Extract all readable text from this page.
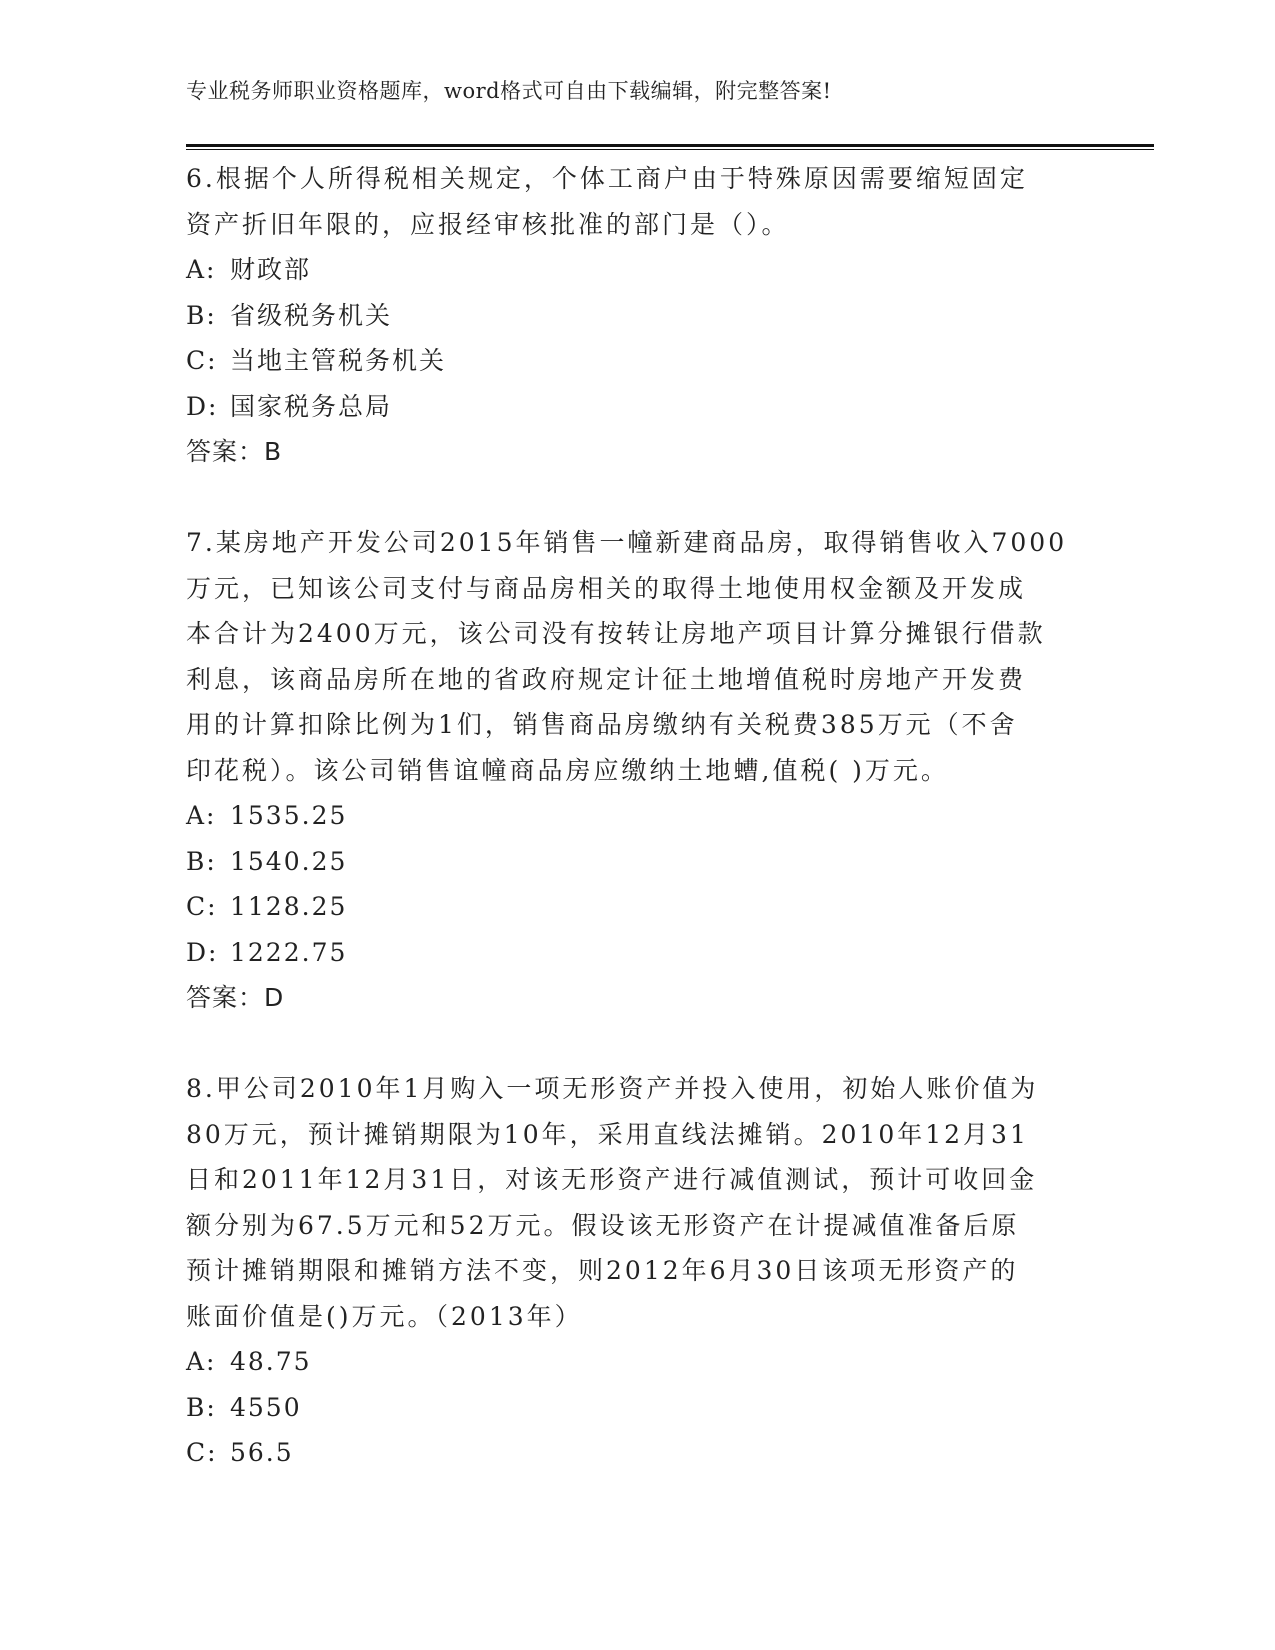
专业税务师职业资格题库，word格式可自由下载编辑，附完整答案!
6.根据个人所得税相关规定，个体工商户由于特殊原因需要缩短固定
资产折旧年限的，应报经审核批准的部门是（）。
A: 财政部
B: 省级税务机关
C: 当地主管税务机关
D: 国家税务总局
答案：B
7.某房地产开发公司2015年销售一幢新建商品房，取得销售收入7000
万元，已知该公司支付与商品房相关的取得土地使用权金额及开发成
本合计为2400万元，该公司没有按转让房地产项目计算分摊银行借款
利息，该商品房所在地的省政府规定计征土地增值税时房地产开发费
用的计算扣除比例为1们，销售商品房缴纳有关税费385万元（不舍
印花税）。该公司销售谊幢商品房应缴纳土地螬,值税( )万元。
A: 1535.25
B: 1540.25
C: 1128.25
D: 1222.75
答案：D
8.甲公司2010年1月购入一项无形资产并投入使用，初始人账价值为
80万元，预计摊销期限为10年，采用直线法摊销。2010年12月31
日和2011年12月31日，对该无形资产进行减值测试，预计可收回金
额分别为67.5万元和52万元。假设该无形资产在计提减值准备后原
预计摊销期限和摊销方法不变，则2012年6月30日该项无形资产的
账面价值是()万元。（2013年）
A: 48.75
B: 4550
C: 56.5
